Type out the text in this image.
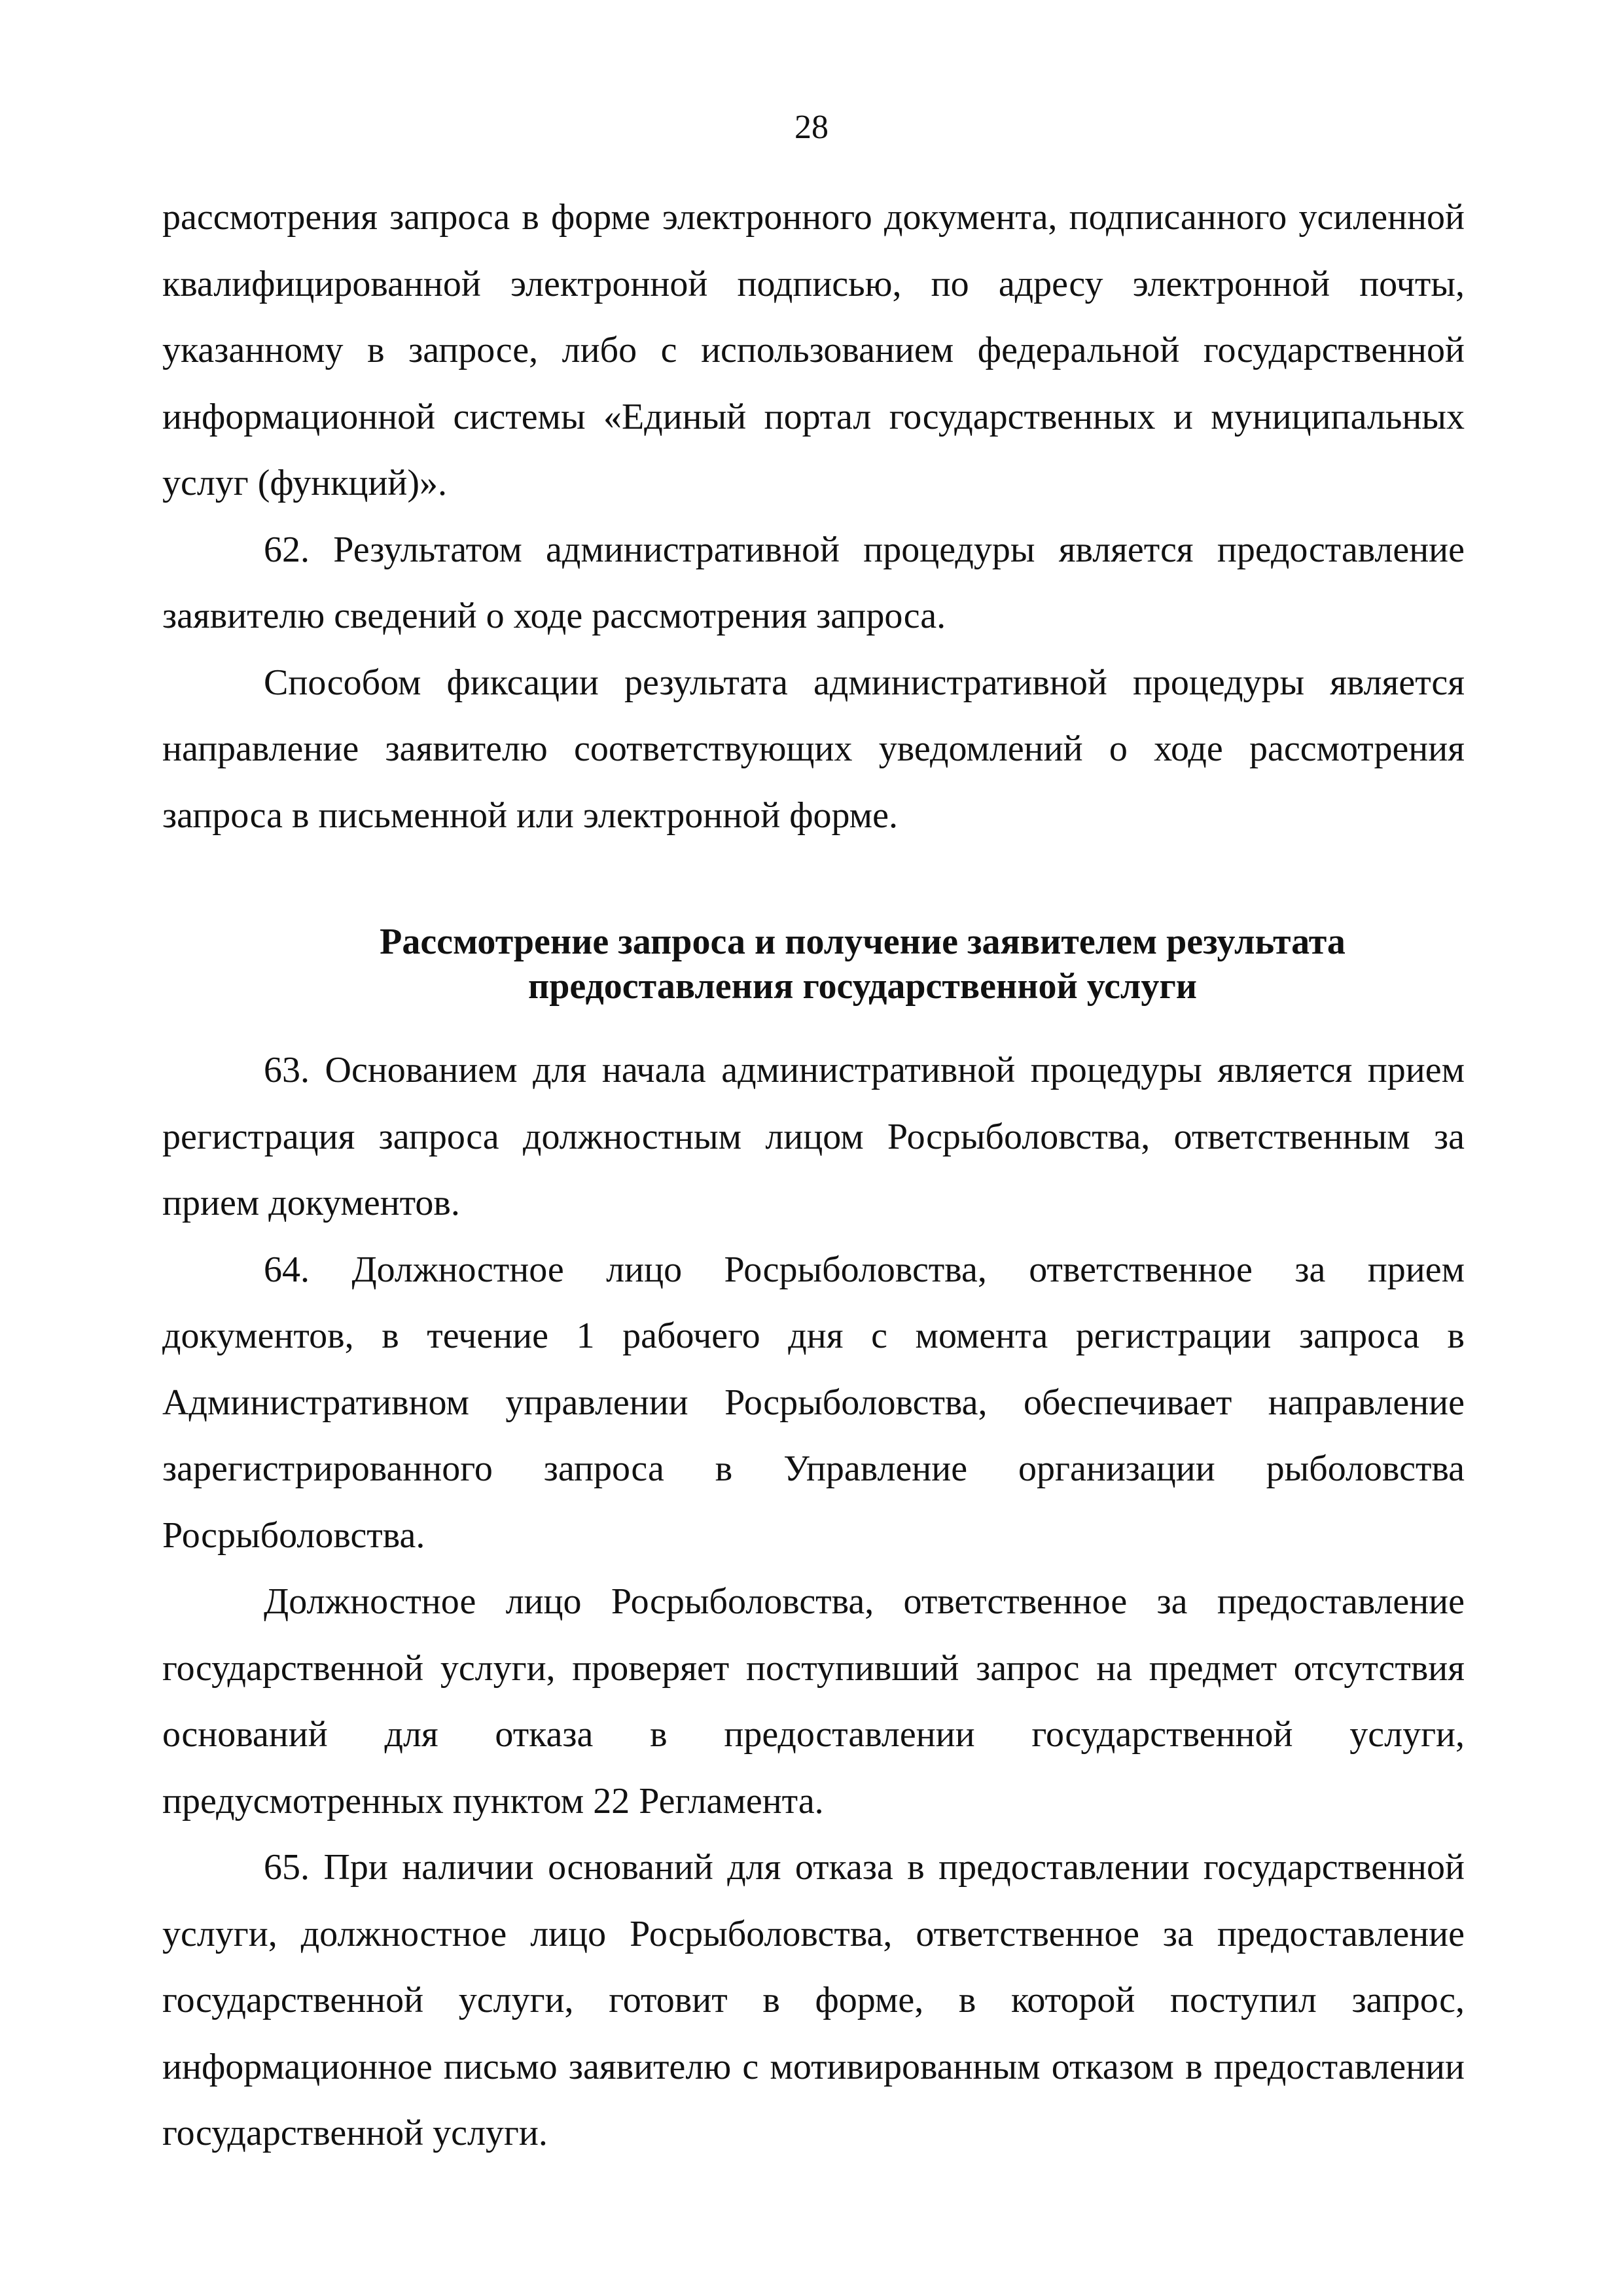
28

рассмотрения запроса в форме электронного документа, подписанного усиленной квалифицированной электронной подписью, по адресу электронной почты, указанному в запросе, либо с использованием федеральной государственной информационной системы «Единый портал государственных и муниципальных услуг (функций)».

62. Результатом административной процедуры является предоставление заявителю сведений о ходе рассмотрения запроса.

Способом фиксации результата административной процедуры является направление заявителю соответствующих уведомлений о ходе рассмотрения запроса в письменной или электронной форме.

Рассмотрение запроса и получение заявителем результата
предоставления государственной услуги

63. Основанием для начала административной процедуры является прием регистрация запроса должностным лицом Росрыболовства, ответственным за прием документов.

64. Должностное лицо Росрыболовства, ответственное за прием документов, в течение 1 рабочего дня с момента регистрации запроса в Административном управлении Росрыболовства, обеспечивает направление зарегистрированного запроса в Управление организации рыболовства Росрыболовства.

Должностное лицо Росрыболовства, ответственное за предоставление государственной услуги, проверяет поступивший запрос на предмет отсутствия оснований для отказа в предоставлении государственной услуги, предусмотренных пунктом 22 Регламента.

65. При наличии оснований для отказа в предоставлении государственной услуги, должностное лицо Росрыболовства, ответственное за предоставление государственной услуги, готовит в форме, в которой поступил запрос, информационное письмо заявителю с мотивированным отказом в предоставлении государственной услуги.
